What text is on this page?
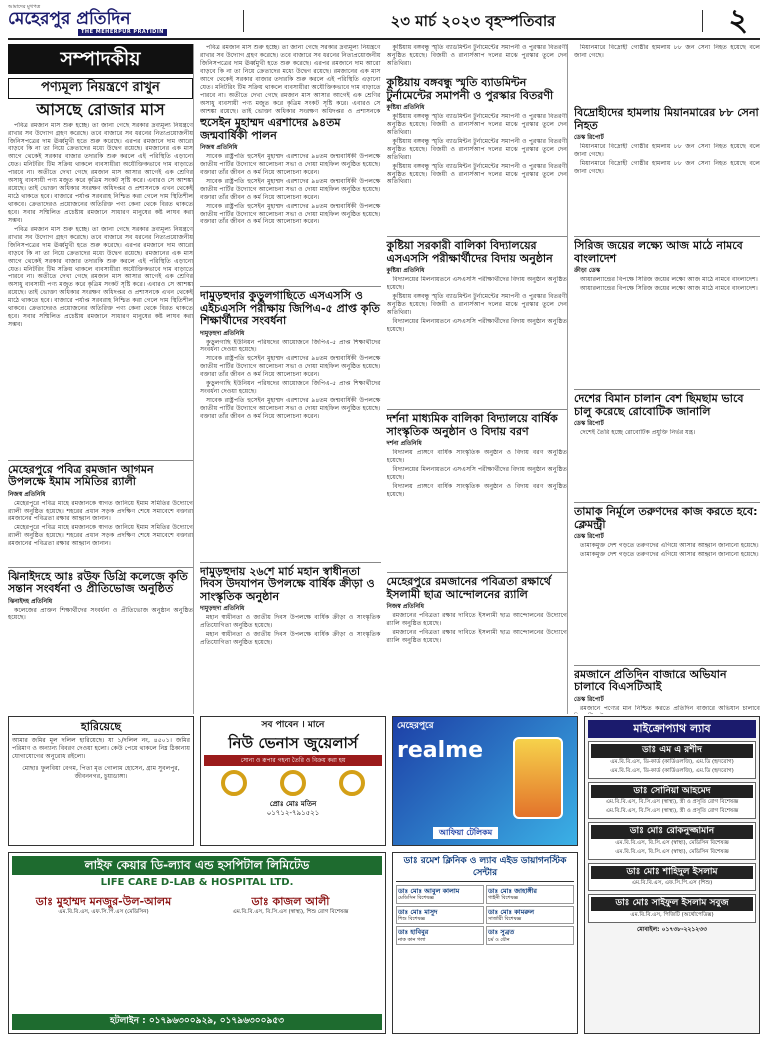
আমাদের মুখপত্র
মেহেরপুর প্রতিদিন
THE MEHERPUR PRATIDIN
২৩ মার্চ ২০২৩ বৃহস্পতিবার	২
সম্পাদকীয়
পণ্যমূল্য নিয়ন্ত্রণে রাখুন
আসছে রোজার মাস

পবিত্র রমজান মাস শুরু হচ্ছে। তা জানা গেছে সরকার দ্রব্যমূল্য নিয়ন্ত্রণে রাখার সব উদ্যোগ গ্রহণ করেছে। তবে বাজারে সব ধরনের নিত্যপ্রয়োজনীয় জিনিসপত্রের দাম ঊর্ধ্বমুখী হতে শুরু করেছে। এরপর রমজানে দাম আরো বাড়বে কি না তা নিয়ে ক্রেতাদের মধ্যে উদ্বেগ রয়েছে। রমজানের এক মাস আগে থেকেই সরকার বাজার তদারকি শুরু করলে এই পরিস্থিতি এড়ানো যেত। মনিটরিং টিম সক্রিয় থাকলে ব্যবসায়ীরা অযৌক্তিকভাবে দাম বাড়াতে পারবে না। অতীতে দেখা গেছে রমজান মাস আসার আগেই এক শ্রেণির অসাধু ব্যবসায়ী পণ্য মজুত করে কৃত্রিম সংকট সৃষ্টি করে। এবারও সে আশঙ্কা রয়েছে। তাই ভোক্তা অধিকার সংরক্ষণ অধিদপ্তর ও প্রশাসনকে এখন থেকেই মাঠে থাকতে হবে। বাজারে পর্যাপ্ত সরবরাহ নিশ্চিত করা গেলে দাম স্থিতিশীল থাকবে। ক্রেতাদেরও প্রয়োজনের অতিরিক্ত পণ্য কেনা থেকে বিরত থাকতে হবে। সবার সম্মিলিত প্রচেষ্টায় রমজানে সাধারণ মানুষের কষ্ট লাঘব করা সম্ভব।

পবিত্র রমজান মাস শুরু হচ্ছে। তা জানা গেছে সরকার দ্রব্যমূল্য নিয়ন্ত্রণে রাখার সব উদ্যোগ গ্রহণ করেছে। তবে বাজারে সব ধরনের নিত্যপ্রয়োজনীয় জিনিসপত্রের দাম ঊর্ধ্বমুখী হতে শুরু করেছে। এরপর রমজানে দাম আরো বাড়বে কি না তা নিয়ে ক্রেতাদের মধ্যে উদ্বেগ রয়েছে। রমজানের এক মাস আগে থেকেই সরকার বাজার তদারকি শুরু করলে এই পরিস্থিতি এড়ানো যেত। মনিটরিং টিম সক্রিয় থাকলে ব্যবসায়ীরা অযৌক্তিকভাবে দাম বাড়াতে পারবে না। অতীতে দেখা গেছে রমজান মাস আসার আগেই এক শ্রেণির অসাধু ব্যবসায়ী পণ্য মজুত করে কৃত্রিম সংকট সৃষ্টি করে। এবারও সে আশঙ্কা রয়েছে। তাই ভোক্তা অধিকার সংরক্ষণ অধিদপ্তর ও প্রশাসনকে এখন থেকেই মাঠে থাকতে হবে। বাজারে পর্যাপ্ত সরবরাহ নিশ্চিত করা গেলে দাম স্থিতিশীল থাকবে। ক্রেতাদেরও প্রয়োজনের অতিরিক্ত পণ্য কেনা থেকে বিরত থাকতে হবে। সবার সম্মিলিত প্রচেষ্টায় রমজানে সাধারণ মানুষের কষ্ট লাঘব করা সম্ভব।

মেহেরপুরে পবিত্র রমজান আগমন উপলক্ষে ইমাম সমিতির র‌্যালী
নিজস্ব প্রতিনিধি

মেহেরপুরে পবিত্র মাহে রমজানকে স্বাগত জানিয়ে ইমাম সমিতির উদ্যোগে র‌্যালী অনুষ্ঠিত হয়েছে। শহরের প্রধান সড়ক প্রদক্ষিণ শেষে সমাবেশে বক্তারা রমজানের পবিত্রতা রক্ষার আহ্বান জানান।

মেহেরপুরে পবিত্র মাহে রমজানকে স্বাগত জানিয়ে ইমাম সমিতির উদ্যোগে র‌্যালী অনুষ্ঠিত হয়েছে। শহরের প্রধান সড়ক প্রদক্ষিণ শেষে সমাবেশে বক্তারা রমজানের পবিত্রতা রক্ষার আহ্বান জানান।

ঝিনাইদহে আঃ রউফ ডিগ্রি কলেজে কৃতি সন্তান সংবর্ধনা ও প্রীতিভোজ অনুষ্ঠিত
ঝিনাইদহ প্রতিনিধি

কলেজের প্রাক্তন শিক্ষার্থীদের সংবর্ধনা ও প্রীতিভোজ অনুষ্ঠান অনুষ্ঠিত হয়েছে।

পবিত্র রমজান মাস শুরু হচ্ছে। তা জানা গেছে সরকার দ্রব্যমূল্য নিয়ন্ত্রণে রাখার সব উদ্যোগ গ্রহণ করেছে। তবে বাজারে সব ধরনের নিত্যপ্রয়োজনীয় জিনিসপত্রের দাম ঊর্ধ্বমুখী হতে শুরু করেছে। এরপর রমজানে দাম আরো বাড়বে কি না তা নিয়ে ক্রেতাদের মধ্যে উদ্বেগ রয়েছে। রমজানের এক মাস আগে থেকেই সরকার বাজার তদারকি শুরু করলে এই পরিস্থিতি এড়ানো যেত। মনিটরিং টিম সক্রিয় থাকলে ব্যবসায়ীরা অযৌক্তিকভাবে দাম বাড়াতে পারবে না। অতীতে দেখা গেছে রমজান মাস আসার আগেই এক শ্রেণির অসাধু ব্যবসায়ী পণ্য মজুত করে কৃত্রিম সংকট সৃষ্টি করে। এবারও সে আশঙ্কা রয়েছে। তাই ভোক্তা অধিকার সংরক্ষণ অধিদপ্তর ও প্রশাসনকে

হুসেইন মুহাম্মদ এরশাদের ৯৪তম জন্মবার্ষিকী পালন
নিজস্ব প্রতিনিধি

সাবেক রাষ্ট্রপতি হুসেইন মুহাম্মদ এরশাদের ৯৪তম জন্মবার্ষিকী উপলক্ষে জাতীয় পার্টির উদ্যোগে আলোচনা সভা ও দোয়া মাহফিল অনুষ্ঠিত হয়েছে। বক্তারা তাঁর জীবন ও কর্ম নিয়ে আলোচনা করেন।

সাবেক রাষ্ট্রপতি হুসেইন মুহাম্মদ এরশাদের ৯৪তম জন্মবার্ষিকী উপলক্ষে জাতীয় পার্টির উদ্যোগে আলোচনা সভা ও দোয়া মাহফিল অনুষ্ঠিত হয়েছে। বক্তারা তাঁর জীবন ও কর্ম নিয়ে আলোচনা করেন।

সাবেক রাষ্ট্রপতি হুসেইন মুহাম্মদ এরশাদের ৯৪তম জন্মবার্ষিকী উপলক্ষে জাতীয় পার্টির উদ্যোগে আলোচনা সভা ও দোয়া মাহফিল অনুষ্ঠিত হয়েছে। বক্তারা তাঁর জীবন ও কর্ম নিয়ে আলোচনা করেন।

দামুড়হুদার কুড়ুলগাছিতে এসএসসি ও এইচএসসি পরীক্ষায় জিপিএ-৫ প্রাপ্ত কৃতি শিক্ষার্থীদের সংবর্ধনা
দামুড়হুদা প্রতিনিধি

কুড়ুলগাছি ইউনিয়ন পরিষদের আয়োজনে জিপিএ-৫ প্রাপ্ত শিক্ষার্থীদের সংবর্ধনা দেওয়া হয়েছে।

সাবেক রাষ্ট্রপতি হুসেইন মুহাম্মদ এরশাদের ৯৪তম জন্মবার্ষিকী উপলক্ষে জাতীয় পার্টির উদ্যোগে আলোচনা সভা ও দোয়া মাহফিল অনুষ্ঠিত হয়েছে। বক্তারা তাঁর জীবন ও কর্ম নিয়ে আলোচনা করেন।

কুড়ুলগাছি ইউনিয়ন পরিষদের আয়োজনে জিপিএ-৫ প্রাপ্ত শিক্ষার্থীদের সংবর্ধনা দেওয়া হয়েছে।

সাবেক রাষ্ট্রপতি হুসেইন মুহাম্মদ এরশাদের ৯৪তম জন্মবার্ষিকী উপলক্ষে জাতীয় পার্টির উদ্যোগে আলোচনা সভা ও দোয়া মাহফিল অনুষ্ঠিত হয়েছে। বক্তারা তাঁর জীবন ও কর্ম নিয়ে আলোচনা করেন।

দামুড়হুদায় ২৬শে মার্চ মহান স্বাধীনতা দিবস উদযাপন উপলক্ষে বার্ষিক ক্রীড়া ও সাংস্কৃতিক অনুষ্ঠান
দামুড়হুদা প্রতিনিধি

মহান স্বাধীনতা ও জাতীয় দিবস উপলক্ষে বার্ষিক ক্রীড়া ও সাংস্কৃতিক প্রতিযোগিতা অনুষ্ঠিত হয়েছে।

মহান স্বাধীনতা ও জাতীয় দিবস উপলক্ষে বার্ষিক ক্রীড়া ও সাংস্কৃতিক প্রতিযোগিতা অনুষ্ঠিত হয়েছে।

কুষ্টিয়ায় বঙ্গবন্ধু স্মৃতি ব্যাডমিন্টন টুর্নামেন্টের সমাপনী ও পুরস্কার বিতরণী অনুষ্ঠিত হয়েছে। বিজয়ী ও রানার্সআপ দলের মাঝে পুরস্কার তুলে দেন অতিথিরা।

কুষ্টিয়ায় বঙ্গবন্ধু স্মৃতি ব্যাডমিন্টন টুর্নামেন্টের সমাপনী ও পুরস্কার বিতরণী
কুষ্টিয়া প্রতিনিধি

কুষ্টিয়ায় বঙ্গবন্ধু স্মৃতি ব্যাডমিন্টন টুর্নামেন্টের সমাপনী ও পুরস্কার বিতরণী অনুষ্ঠিত হয়েছে। বিজয়ী ও রানার্সআপ দলের মাঝে পুরস্কার তুলে দেন অতিথিরা।

কুষ্টিয়ায় বঙ্গবন্ধু স্মৃতি ব্যাডমিন্টন টুর্নামেন্টের সমাপনী ও পুরস্কার বিতরণী অনুষ্ঠিত হয়েছে। বিজয়ী ও রানার্সআপ দলের মাঝে পুরস্কার তুলে দেন অতিথিরা।

কুষ্টিয়ায় বঙ্গবন্ধু স্মৃতি ব্যাডমিন্টন টুর্নামেন্টের সমাপনী ও পুরস্কার বিতরণী অনুষ্ঠিত হয়েছে। বিজয়ী ও রানার্সআপ দলের মাঝে পুরস্কার তুলে দেন অতিথিরা।

কুষ্টিয়া সরকারী বালিকা বিদ্যালয়ের এসএসসি পরীক্ষার্থীদের বিদায় অনুষ্ঠান
কুষ্টিয়া প্রতিনিধি

বিদ্যালয়ের মিলনায়তনে এসএসসি পরীক্ষার্থীদের বিদায় অনুষ্ঠান অনুষ্ঠিত হয়েছে।

কুষ্টিয়ায় বঙ্গবন্ধু স্মৃতি ব্যাডমিন্টন টুর্নামেন্টের সমাপনী ও পুরস্কার বিতরণী অনুষ্ঠিত হয়েছে। বিজয়ী ও রানার্সআপ দলের মাঝে পুরস্কার তুলে দেন অতিথিরা।

বিদ্যালয়ের মিলনায়তনে এসএসসি পরীক্ষার্থীদের বিদায় অনুষ্ঠান অনুষ্ঠিত হয়েছে।

দর্শনা মাধ্যমিক বালিকা বিদ্যালয়ে বার্ষিক সাংস্কৃতিক অনুষ্ঠান ও বিদায় বরণ
দর্শনা প্রতিনিধি

বিদ্যালয় প্রাঙ্গণে বার্ষিক সাংস্কৃতিক অনুষ্ঠান ও বিদায় বরণ অনুষ্ঠিত হয়েছে।

বিদ্যালয়ের মিলনায়তনে এসএসসি পরীক্ষার্থীদের বিদায় অনুষ্ঠান অনুষ্ঠিত হয়েছে।

বিদ্যালয় প্রাঙ্গণে বার্ষিক সাংস্কৃতিক অনুষ্ঠান ও বিদায় বরণ অনুষ্ঠিত হয়েছে।

মেহেরপুরে রমজানের পবিত্রতা রক্ষার্থে ইসলামী ছাত্র আন্দোলনের র‌্যালি
নিজস্ব প্রতিনিধি

রমজানের পবিত্রতা রক্ষার দাবিতে ইসলামী ছাত্র আন্দোলনের উদ্যোগে র‌্যালি অনুষ্ঠিত হয়েছে।

রমজানের পবিত্রতা রক্ষার দাবিতে ইসলামী ছাত্র আন্দোলনের উদ্যোগে র‌্যালি অনুষ্ঠিত হয়েছে।

মিয়ানমারে বিদ্রোহী গোষ্ঠীর হামলায় ৮৮ জন সেনা নিহত হয়েছে বলে জানা গেছে।

বিদ্রোহীদের হামলায় মিয়ানমারের ৮৮ সেনা নিহত
ডেস্ক রিপোর্ট

মিয়ানমারে বিদ্রোহী গোষ্ঠীর হামলায় ৮৮ জন সেনা নিহত হয়েছে বলে জানা গেছে।

মিয়ানমারে বিদ্রোহী গোষ্ঠীর হামলায় ৮৮ জন সেনা নিহত হয়েছে বলে জানা গেছে।

সিরিজ জয়ের লক্ষ্যে আজ মাঠে নামবে বাংলাদেশ
ক্রীড়া ডেস্ক

আয়ারল্যান্ডের বিপক্ষে সিরিজ জয়ের লক্ষ্যে আজ মাঠে নামবে বাংলাদেশ।

আয়ারল্যান্ডের বিপক্ষে সিরিজ জয়ের লক্ষ্যে আজ মাঠে নামবে বাংলাদেশ।

দেশের বিমান চালান বেশ ছিমছাম ভাবে চালু করেছে রোবোটিক জানালি
ডেস্ক রিপোর্ট

দেশেই তৈরি হচ্ছে রোবোটিক প্রযুক্তি নির্ভর যন্ত্র।

তামাক নির্মূলে তরুণদের কাজ করতে হবে: ক্লেমন্ট্রী
ডেস্ক রিপোর্ট

তামাকমুক্ত দেশ গড়তে তরুণদের এগিয়ে আসার আহ্বান জানানো হয়েছে।

তামাকমুক্ত দেশ গড়তে তরুণদের এগিয়ে আসার আহ্বান জানানো হয়েছে।

রমজানে প্রতিদিন বাজারে অভিযান চালাবে বিএসটিআই
ডেস্ক রিপোর্ট

রমজানে পণ্যের মান নিশ্চিত করতে প্রতিদিন বাজারে অভিযান চালাবে

হারিয়েছে
আমার জমির মূল দলিল হারিয়েছে। যা ১/দলিল নং, ৪৫০১। জমির পরিমাণ ও অন্যান্য বিবরণ দেওয়া হলো। কেউ পেয়ে থাকলে নিম্ন ঠিকানায় যোগাযোগের অনুরোধ রইলো।
মোছাঃ ফুলবিয়া বেগম, পিতা মৃত গোলাম হোসেন, গ্রাম সুবলপুর, জীবননগর, চুয়াডাঙ্গা।
সব পাবেন । মানে
নিউ ভেনাস জুয়েলার্স
সোনা ও রূপার গহনা তৈরি ও বিক্রয় করা হয়
প্রোঃ মোঃ মতিন
০১৭১২-৭৯১৫২১
মেহেরপুরে
realme
আফিয়া টেলিকম
মাইক্রোপ্যাথ ল্যাব
ডাঃ এম এ রশীদ
এম.বি.বি.এস, ডি-কার্ড (কার্ডিওলজি), এম.ডি (হৃদরোগ)
এম.বি.বি.এস, ডি-কার্ড (কার্ডিওলজি), এম.ডি (হৃদরোগ)
ডাঃ সোনিয়া আহমেদ
এম.বি.বি.এস, বি.সি.এস (স্বাস্থ্য), স্ত্রী ও প্রসূতি রোগ বিশেষজ্ঞ
এম.বি.বি.এস, বি.সি.এস (স্বাস্থ্য), স্ত্রী ও প্রসূতি রোগ বিশেষজ্ঞ
ডাঃ মোঃ রোকনুজ্জামান
এম.বি.বি.এস, বি.সি.এস (স্বাস্থ্য), মেডিসিন বিশেষজ্ঞ
এম.বি.বি.এস, বি.সি.এস (স্বাস্থ্য), মেডিসিন বিশেষজ্ঞ
ডাঃ মোঃ শাহিদুল ইসলাম
এম.বি.বি.এস, এফ.সি.পি.এস (শিশু)
ডাঃ মোঃ সাইফুল ইসলাম সবুজ
এম.বি.বি.এস, পিজিটি (অর্থোপেডিক্স)
মোবাইল: ০১৭৩৮-২২১২৩৩
লাইফ কেয়ার ডি-ল্যাব এন্ড হসপিটাল লিমিটেড
LIFE CARE D-LAB & HOSPITAL LTD.
ডাঃ মুহাম্মদ মনজুর-উল-আলম
এম.বি.বি.এস, এফ.সি.পি.এস (মেডিসিন)
ডাঃ কাজল আলী
এম.বি.বি.এস, বি.সি.এস (স্বাস্থ্য), শিশু রোগ বিশেষজ্ঞ
হটলাইন : ০১৭৯৬৩০০৯২৯, ০১৭৯৬৩০০৯৫৩
ডাঃ রমেশ ক্লিনিক ও ল্যাব এইড ডায়াগনস্টিক সেন্টার
ডাঃ মোঃ আবুল কালাম
মেডিসিন বিশেষজ্ঞ
ডাঃ মোঃ জাহাঙ্গীর
গাইনী বিশেষজ্ঞ
ডাঃ মোঃ মাসুদ
শিশু বিশেষজ্ঞ
ডাঃ মোঃ কামরুল
সার্জারী বিশেষজ্ঞ
ডাঃ হাবিবুর
নাক কান গলা
ডাঃ সুব্রত
চর্ম ও যৌন
